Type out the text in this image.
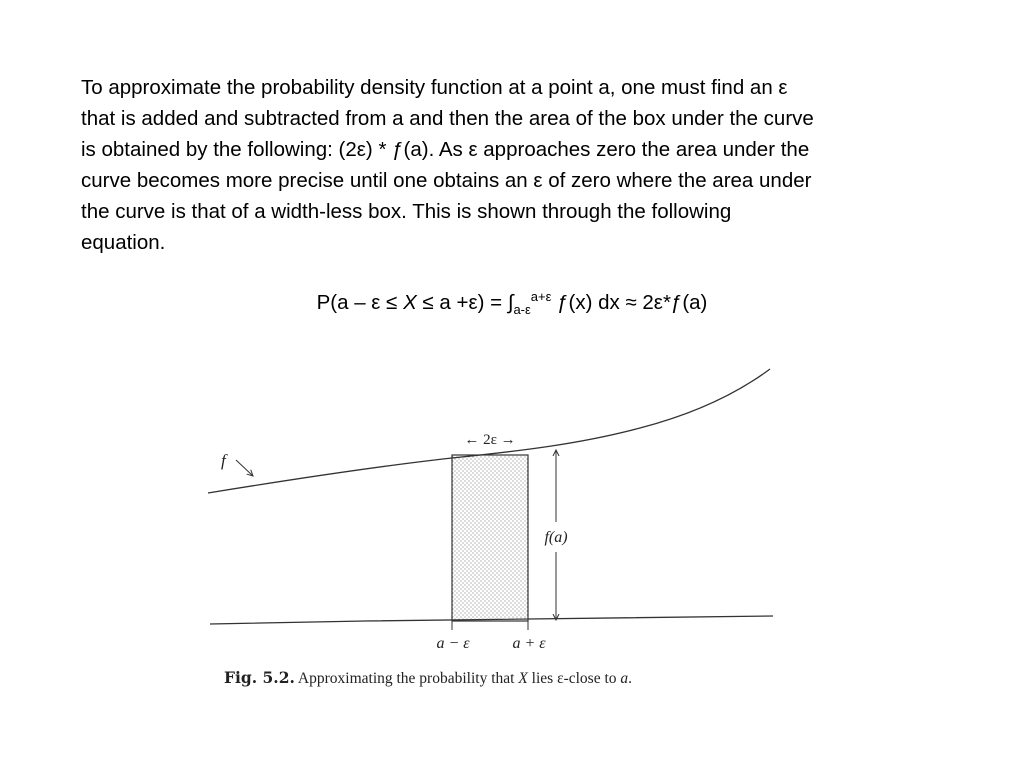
To approximate the probability density function at a point a, one must find an ε
that is added and subtracted from a and then the area of the box under the curve
is obtained by the following: (2ε) * ƒ(a). As ε approaches zero the area under the
curve becomes more precise until one obtains an ε of zero where the area under
the curve is that of a width-less box. This is shown through the following
equation.

$P(a - \varepsilon \le X \le a +\varepsilon) = \int_{a-\varepsilon}^{a+\varepsilon}$ ƒ(x) dx ≈ 2ε*ƒ(a)
f
← 2ε →
f(a)
a − ε	a + ε
Fig. 5.2. Approximating the probability that X lies ε-close to a.
